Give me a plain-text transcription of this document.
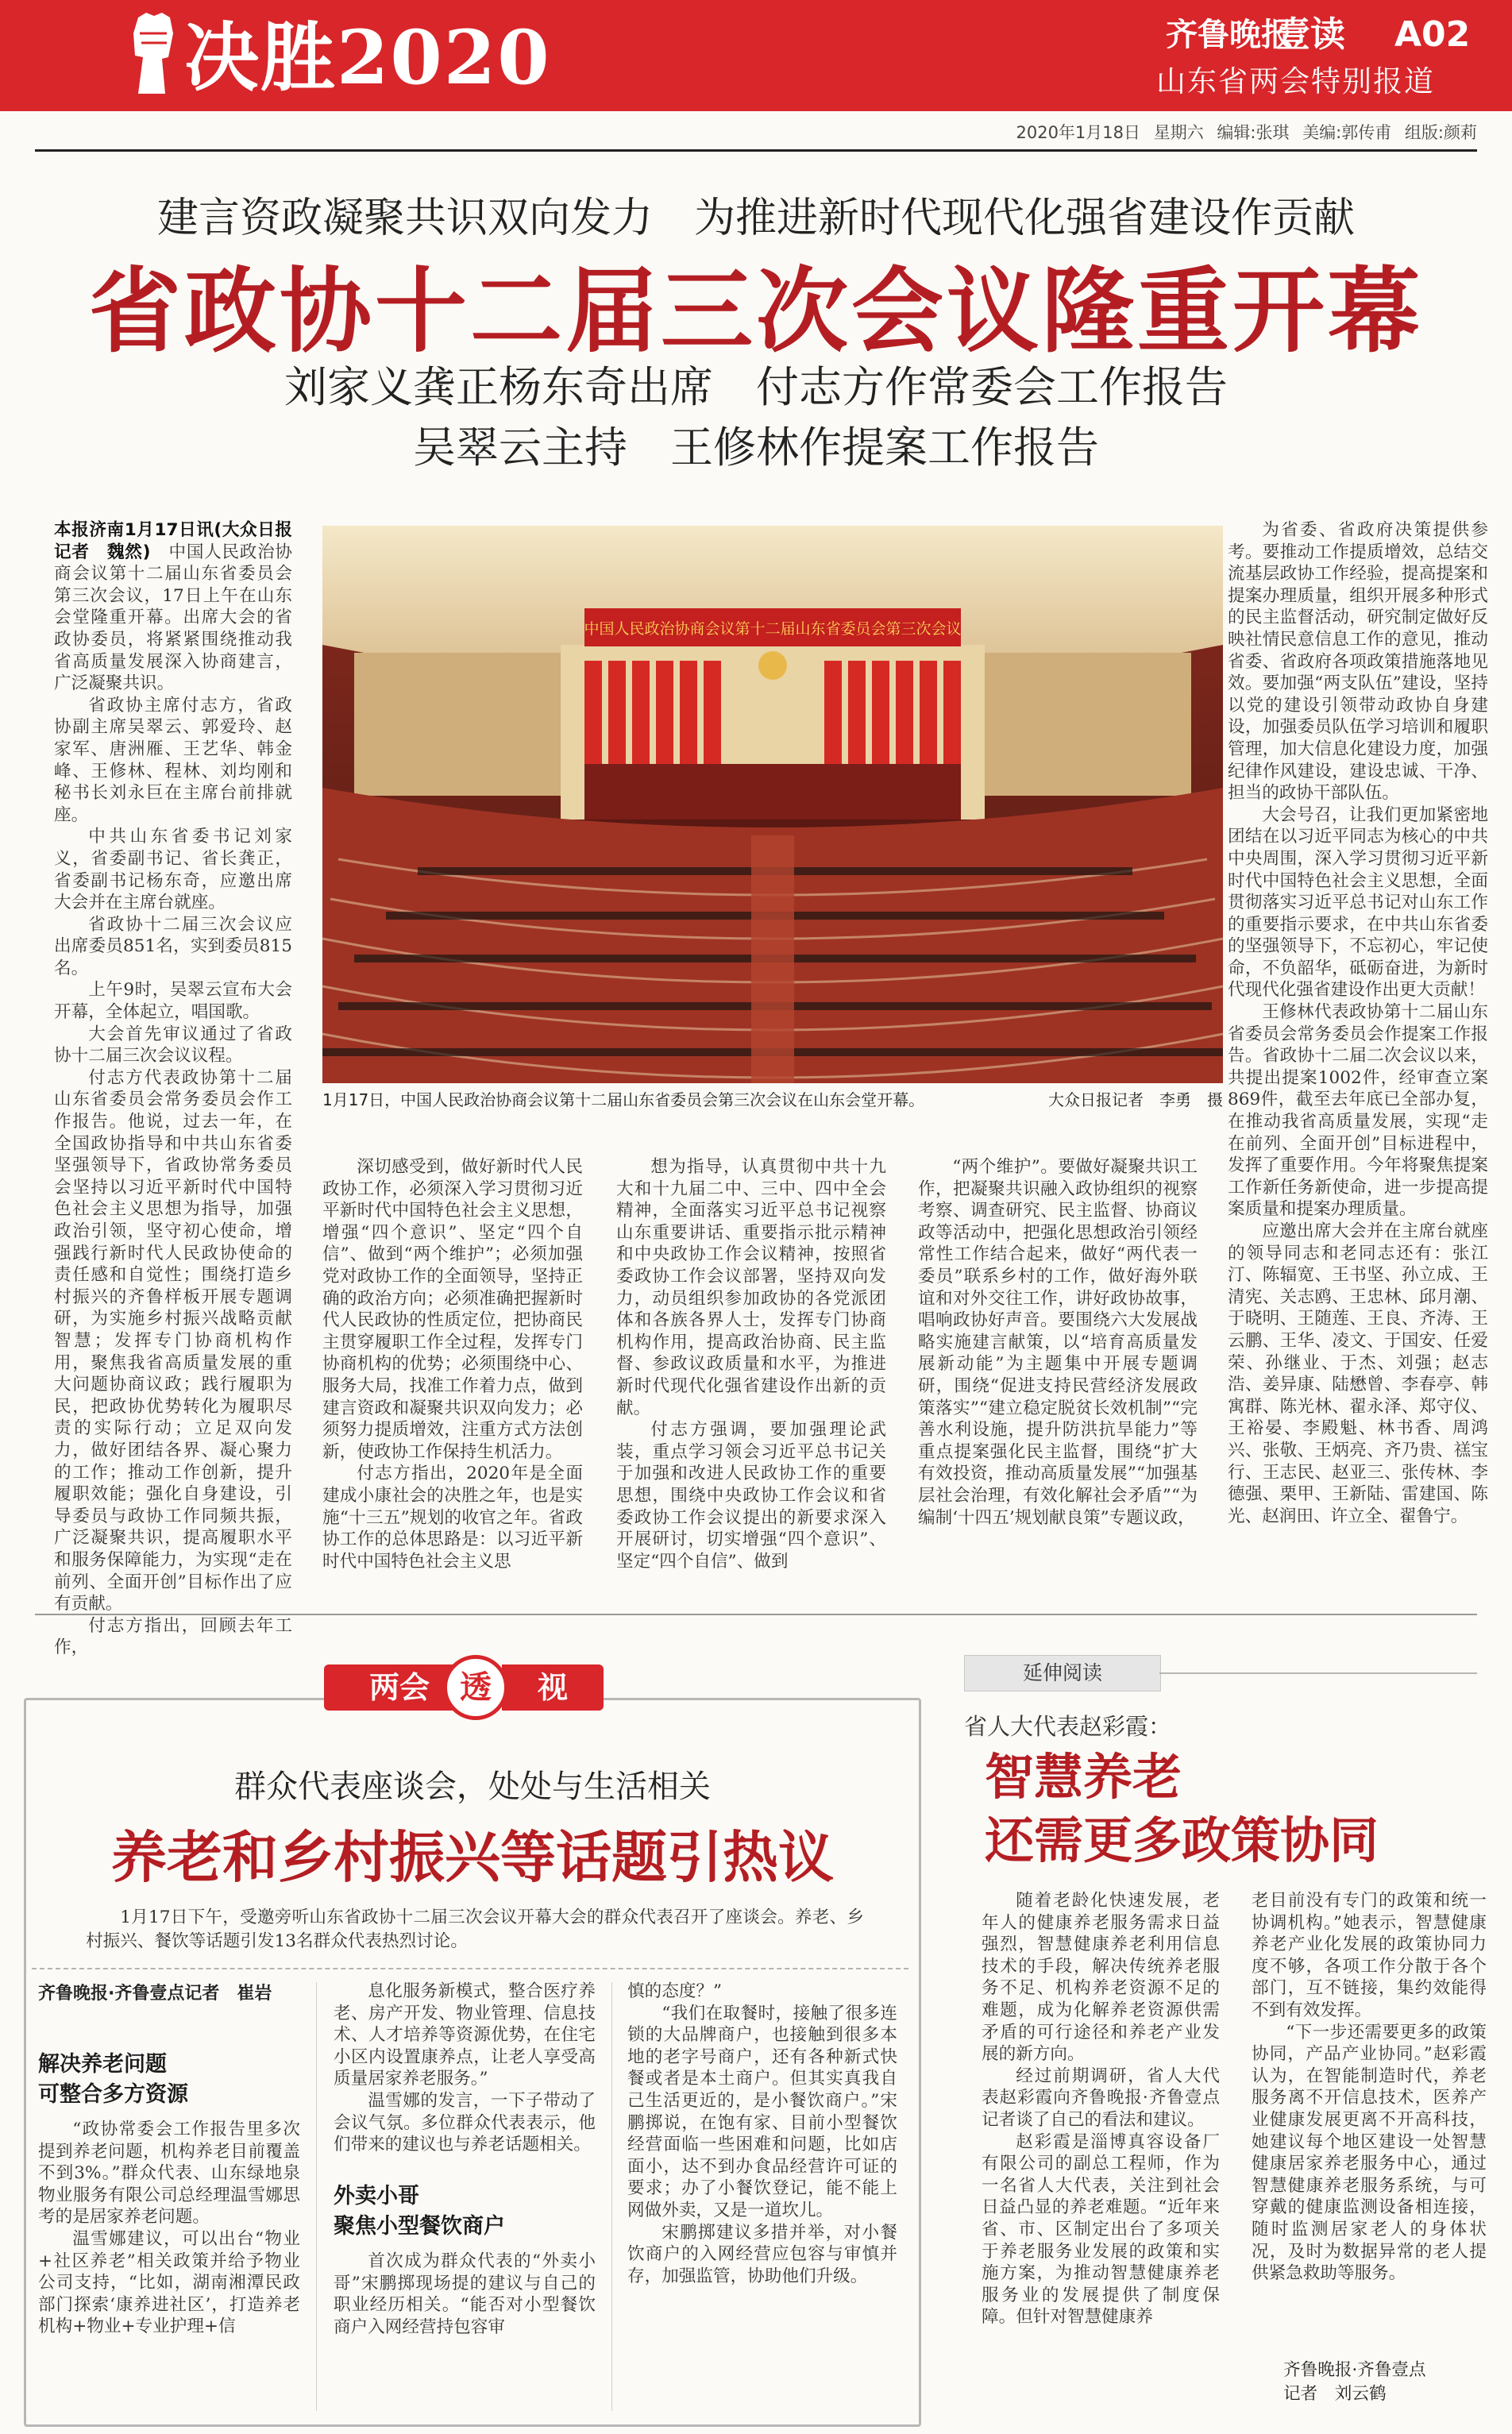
决胜2020	齐鲁晚报
壹读 A02
山东省两会特别报道
2020年1月18日 星期六 编辑:张琪 美编:郭传甫 组版:颜莉
建言资政凝聚共识双向发力　为推进新时代现代化强省建设作贡献
省政协十二届三次会议隆重开幕
刘家义龚正杨东奇出席　付志方作常委会工作报告
吴翠云主持　王修林作提案工作报告

本报济南1月17日讯(大众日报记者　魏然)　 中国人民政治协商会议第十二届山东省委员会第三次会议，17日上午在山东会堂隆重开幕。出席大会的省政协委员，将紧紧围绕推动我省高质量发展深入协商建言，广泛凝聚共识。

省政协主席付志方，省政协副主席吴翠云、郭爱玲、赵家军、唐洲雁、王艺华、韩金峰、王修林、程林、刘均刚和秘书长刘永巨在主席台前排就座。

中共山东省委书记刘家义，省委副书记、省长龚正，省委副书记杨东奇，应邀出席大会并在主席台就座。

省政协十二届三次会议应出席委员851名，实到委员815名。

上午9时，吴翠云宣布大会开幕，全体起立，唱国歌。

大会首先审议通过了省政协十二届三次会议议程。

付志方代表政协第十二届山东省委员会常务委员会作工作报告。他说，过去一年，在全国政协指导和中共山东省委坚强领导下，省政协常务委员会坚持以习近平新时代中国特色社会主义思想为指导，加强政治引领，坚守初心使命，增强践行新时代人民政协使命的责任感和自觉性；围绕打造乡村振兴的齐鲁样板开展专题调研，为实施乡村振兴战略贡献智慧；发挥专门协商机构作用，聚焦我省高质量发展的重大问题协商议政；践行履职为民，把政协优势转化为履职尽责的实际行动；立足双向发力，做好团结各界、凝心聚力的工作；推动工作创新，提升履职效能；强化自身建设，引导委员与政协工作同频共振，广泛凝聚共识，提高履职水平和服务保障能力，为实现“走在前列、全面开创”目标作出了应有贡献。

付志方指出，回顾去年工作，

中国人民政治协商会议第十二届山东省委员会第三次会议
1月17日，中国人民政治协商会议第十二届山东省委员会第三次会议在山东会堂开幕。	大众日报记者　李勇　摄

深切感受到，做好新时代人民政协工作，必须深入学习贯彻习近平新时代中国特色社会主义思想，增强“四个意识”、坚定“四个自信”、做到“两个维护”；必须加强党对政协工作的全面领导，坚持正确的政治方向；必须准确把握新时代人民政协的性质定位，把协商民主贯穿履职工作全过程，发挥专门协商机构的优势；必须围绕中心、服务大局，找准工作着力点，做到建言资政和凝聚共识双向发力；必须努力提质增效，注重方式方法创新，使政协工作保持生机活力。

付志方指出，2020年是全面建成小康社会的决胜之年，也是实施“十三五”规划的收官之年。省政协工作的总体思路是：以习近平新时代中国特色社会主义思

想为指导，认真贯彻中共十九大和十九届二中、三中、四中全会精神，全面落实习近平总书记视察山东重要讲话、重要指示批示精神和中央政协工作会议精神，按照省委政协工作会议部署，坚持双向发力，动员组织参加政协的各党派团体和各族各界人士，发挥专门协商机构作用，提高政治协商、民主监督、参政议政质量和水平，为推进新时代现代化强省建设作出新的贡献。

付志方强调，要加强理论武装，重点学习领会习近平总书记关于加强和改进人民政协工作的重要思想，围绕中央政协工作会议和省委政协工作会议提出的新要求深入开展研讨，切实增强“四个意识”、坚定“四个自信”、做到

“两个维护”。要做好凝聚共识工作，把凝聚共识融入政协组织的视察考察、调查研究、民主监督、协商议政等活动中，把强化思想政治引领经常性工作结合起来，做好“两代表一委员”联系乡村的工作，做好海外联谊和对外交往工作，讲好政协故事，唱响政协好声音。要围绕六大发展战略实施建言献策，以“培育高质量发展新动能”为主题集中开展专题调研，围绕“促进支持民营经济发展政策落实”“建立稳定脱贫长效机制”“完善水利设施，提升防洪抗旱能力”等重点提案强化民主监督，围绕“扩大有效投资，推动高质量发展”“加强基层社会治理，有效化解社会矛盾”“为编制‘十四五’规划献良策”专题议政，

为省委、省政府决策提供参考。要推动工作提质增效，总结交流基层政协工作经验，提高提案和提案办理质量，组织开展多种形式的民主监督活动，研究制定做好反映社情民意信息工作的意见，推动省委、省政府各项政策措施落地见效。要加强“两支队伍”建设，坚持以党的建设引领带动政协自身建设，加强委员队伍学习培训和履职管理，加大信息化建设力度，加强纪律作风建设，建设忠诚、干净、担当的政协干部队伍。

大会号召，让我们更加紧密地团结在以习近平同志为核心的中共中央周围，深入学习贯彻习近平新时代中国特色社会主义思想，全面贯彻落实习近平总书记对山东工作的重要指示要求，在中共山东省委的坚强领导下，不忘初心，牢记使命，不负韶华，砥砺奋进，为新时代现代化强省建设作出更大贡献！

王修林代表政协第十二届山东省委员会常务委员会作提案工作报告。省政协十二届二次会议以来，共提出提案1002件，经审查立案869件，截至去年底已全部办复，在推动我省高质量发展，实现“走在前列、全面开创”目标进程中，发挥了重要作用。今年将聚焦提案工作新任务新使命，进一步提高提案质量和提案办理质量。

应邀出席大会并在主席台就座的领导同志和老同志还有：张江汀、陈辐宽、王书坚、孙立成、王清宪、关志鸥、王忠林、邱月潮、于晓明、王随莲、王良、齐涛、王云鹏、王华、凌文、于国安、任爱荣、孙继业、于杰、刘强；赵志浩、姜异康、陆懋曾、李春亭、韩寓群、陈光林、翟永泽、郑守仪、王裕晏、李殿魁、林书香、周鸿兴、张敬、王炳亮、齐乃贵、禚宝行、王志民、赵亚三、张传林、李德强、栗甲、王新陆、雷建国、陈光、赵润田、许立全、翟鲁宁。

两会	视
透
群众代表座谈会，处处与生活相关
养老和乡村振兴等话题引热议
1月17日下午，受邀旁听山东省政协十二届三次会议开幕大会的群众代表召开了座谈会。养老、乡村振兴、餐饮等话题引发13名群众代表热烈讨论。
齐鲁晚报·齐鲁壹点记者　崔岩
解决养老问题
可整合多方资源

“政协常委会工作报告里多次提到养老问题，机构养老目前覆盖不到3%。”群众代表、山东绿地泉物业服务有限公司总经理温雪娜思考的是居家养老问题。

温雪娜建议，可以出台“物业+社区养老”相关政策并给予物业公司支持，“比如，湖南湘潭民政部门探索‘康养进社区’，打造养老机构+物业+专业护理+信

息化服务新模式，整合医疗养老、房产开发、物业管理、信息技术、人才培养等资源优势，在住宅小区内设置康养点，让老人享受高质量居家养老服务。”

温雪娜的发言，一下子带动了会议气氛。多位群众代表表示，他们带来的建议也与养老话题相关。

外卖小哥
聚焦小型餐饮商户

首次成为群众代表的“外卖小哥”宋鹏掷现场提的建议与自己的职业经历相关。“能否对小型餐饮商户入网经营持包容审

慎的态度？”

“我们在取餐时，接触了很多连锁的大品牌商户，也接触到很多本地的老字号商户，还有各种新式快餐或者是本土商户。但其实真我自己生活更近的，是小餐饮商户。”宋鹏掷说，在饱有家、目前小型餐饮经营面临一些困难和问题，比如店面小，达不到办食品经营许可证的要求；办了小餐饮登记，能不能上网做外卖，又是一道坎儿。

宋鹏掷建议多措并举，对小餐饮商户的入网经营应包容与审慎并存，加强监管，协助他们升级。

延伸阅读
省人大代表赵彩霞：
智慧养老
还需更多政策协同

随着老龄化快速发展，老年人的健康养老服务需求日益强烈，智慧健康养老利用信息技术的手段，解决传统养老服务不足、机构养老资源不足的难题，成为化解养老资源供需矛盾的可行途径和养老产业发展的新方向。

经过前期调研，省人大代表赵彩霞向齐鲁晚报·齐鲁壹点记者谈了自己的看法和建议。

赵彩霞是淄博真容设备厂有限公司的副总工程师，作为一名省人大代表，关注到社会日益凸显的养老难题。“近年来省、市、区制定出台了多项关于养老服务业发展的政策和实施方案，为推动智慧健康养老服务业的发展提供了制度保障。但针对智慧健康养

老目前没有专门的政策和统一协调机构。”她表示，智慧健康养老产业化发展的政策协同力度不够，各项工作分散于各个部门，互不链接，集约效能得不到有效发挥。

“下一步还需要更多的政策协同，产品产业协同。”赵彩霞认为，在智能制造时代，养老服务离不开信息技术，医养产业健康发展更离不开高科技，她建议每个地区建设一处智慧健康居家养老服务中心，通过智慧健康养老服务系统，与可穿戴的健康监测设备相连接，随时监测居家老人的身体状况，及时为数据异常的老人提供紧急救助等服务。

齐鲁晚报·齐鲁壹点
记者　刘云鹤
